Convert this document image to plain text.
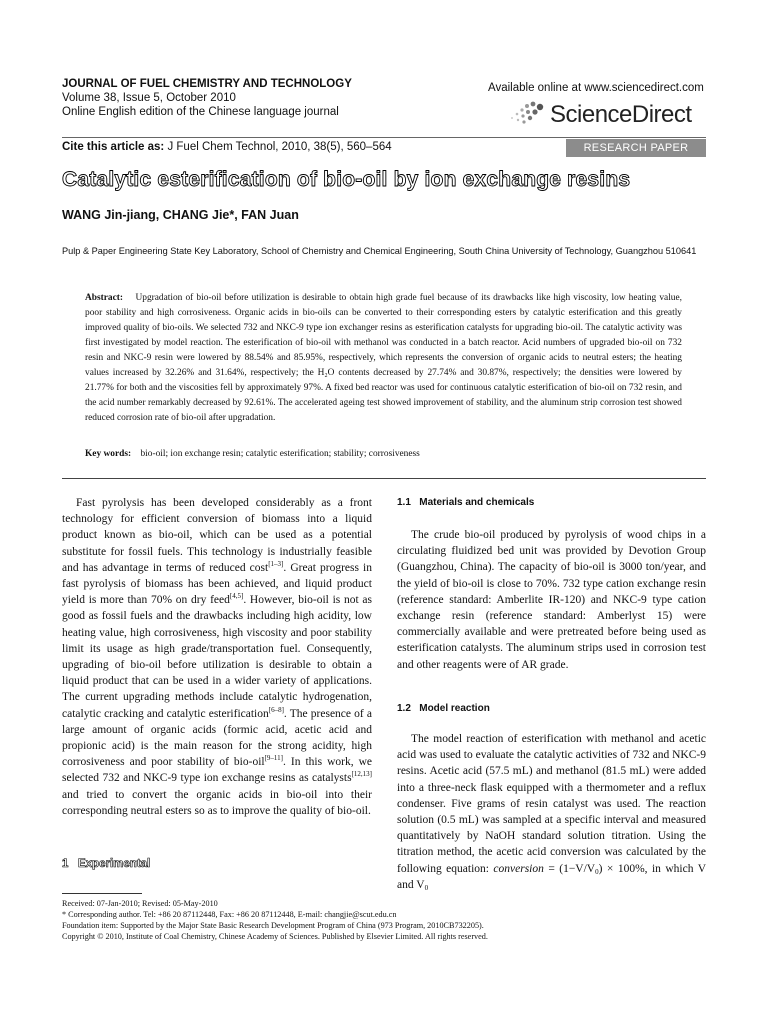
JOURNAL OF FUEL CHEMISTRY AND TECHNOLOGY
Volume 38, Issue 5, October 2010
Online English edition of the Chinese language journal
Available online at www.sciencedirect.com
ScienceDirect
Cite this article as: J Fuel Chem Technol, 2010, 38(5), 560–564	RESEARCH PAPER
Catalytic esterification of bio-oil by ion exchange resins
WANG Jin-jiang, CHANG Jie*, FAN Juan
Pulp & Paper Engineering State Key Laboratory, School of Chemistry and Chemical Engineering, South China University of Technology, Guangzhou 510641
Abstract: Upgradation of bio-oil before utilization is desirable to obtain high grade fuel because of its drawbacks like high viscosity, low heating value, poor stability and high corrosiveness. Organic acids in bio-oils can be converted to their corresponding esters by catalytic esterification and this greatly improved quality of bio-oils. We selected 732 and NKC-9 type ion exchanger resins as esterification catalysts for upgrading bio-oil. The catalytic activity was first investigated by model reaction. The esterification of bio-oil with methanol was conducted in a batch reactor. Acid numbers of upgraded bio-oil on 732 resin and NKC-9 resin were lowered by 88.54% and 85.95%, respectively, which represents the conversion of organic acids to neutral esters; the heating values increased by 32.26% and 31.64%, respectively; the H₂O contents decreased by 27.74% and 30.87%, respectively; the densities were lowered by 21.77% for both and the viscosities fell by approximately 97%. A fixed bed reactor was used for continuous catalytic esterification of bio-oil on 732 resin, and the acid number remarkably decreased by 92.61%. The accelerated ageing test showed improvement of stability, and the aluminum strip corrosion test showed reduced corrosion rate of bio-oil after upgradation.
Key words: bio-oil; ion exchange resin; catalytic esterification; stability; corrosiveness

Fast pyrolysis has been developed considerably as a front technology for efficient conversion of biomass into a liquid product known as bio-oil, which can be used as a potential substitute for fossil fuels. This technology is industrially feasible and has advantage in terms of reduced cost[1–3]. Great progress in fast pyrolysis of biomass has been achieved, and liquid product yield is more than 70% on dry feed[4,5]. However, bio-oil is not as good as fossil fuels and the drawbacks including high acidity, low heating value, high corrosiveness, high viscosity and poor stability limit its usage as high grade/transportation fuel. Consequently, upgrading of bio-oil before utilization is desirable to obtain a liquid product that can be used in a wider variety of applications. The current upgrading methods include catalytic hydrogenation, catalytic cracking and catalytic esterification[6–8]. The presence of a large amount of organic acids (formic acid, acetic acid and propionic acid) is the main reason for the strong acidity, high corrosiveness and poor stability of bio-oil[9–11]. In this work, we selected 732 and NKC-9 type ion exchange resins as catalysts[12,13] and tried to convert the organic acids in bio-oil into their corresponding neutral esters so as to improve the quality of bio-oil.

1   Experimental
1.1   Materials and chemicals

The crude bio-oil produced by pyrolysis of wood chips in a circulating fluidized bed unit was provided by Devotion Group (Guangzhou, China). The capacity of bio-oil is 3000 ton/year, and the yield of bio-oil is close to 70%. 732 type cation exchange resin (reference standard: Amberlite IR-120) and NKC-9 type cation exchange resin (reference standard: Amberlyst 15) were commercially available and were pretreated before being used as esterification catalysts. The aluminum strips used in corrosion test and other reagents were of AR grade.

1.2   Model reaction

The model reaction of esterification with methanol and acetic acid was used to evaluate the catalytic activities of 732 and NKC-9 resins. Acetic acid (57.5 mL) and methanol (81.5 mL) were added into a three-neck flask equipped with a thermometer and a reflux condenser. Five grams of resin catalyst was used. The reaction solution (0.5 mL) was sampled at a specific interval and measured quantitatively by NaOH standard solution titration. Using the titration method, the acetic acid conversion was calculated by the following equation: conversion = $(1-V/V_0) \times 100\%$, in which V and $V_0$

Received: 07-Jan-2010; Revised: 05-May-2010
* Corresponding author. Tel: +86 20 87112448, Fax: +86 20 87112448, E-mail: changjie@scut.edu.cn
Foundation item: Supported by the Major State Basic Research Development Program of China (973 Program, 2010CB732205).
Copyright © 2010, Institute of Coal Chemistry, Chinese Academy of Sciences. Published by Elsevier Limited. All rights reserved.
